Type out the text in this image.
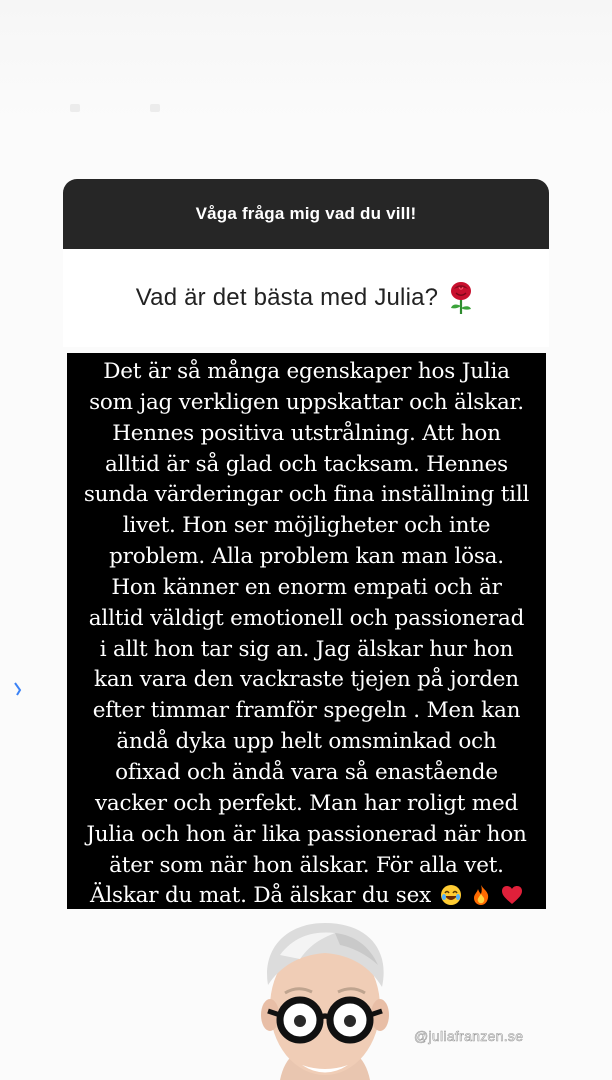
Våga fråga mig vad du vill!
Vad är det bästa med Julia?
Det är så många egenskaper hos Julia
som jag verkligen uppskattar och älskar.
Hennes positiva utstrålning. Att hon
alltid är så glad och tacksam. Hennes
sunda värderingar och fina inställning till
livet. Hon ser möjligheter och inte
problem. Alla problem kan man lösa.
Hon känner en enorm empati och är
alltid väldigt emotionell och passionerad
i allt hon tar sig an. Jag älskar hur hon
kan vara den vackraste tjejen på jorden
efter timmar framför spegeln . Men kan
ändå dyka upp helt omsminkad och
ofixad och ändå vara så enastående
vacker och perfekt. Man har roligt med
Julia och hon är lika passionerad när hon
äter som när hon älskar. För alla vet.
Älskar du mat. Då älskar du sex
@juliafranzen.se
